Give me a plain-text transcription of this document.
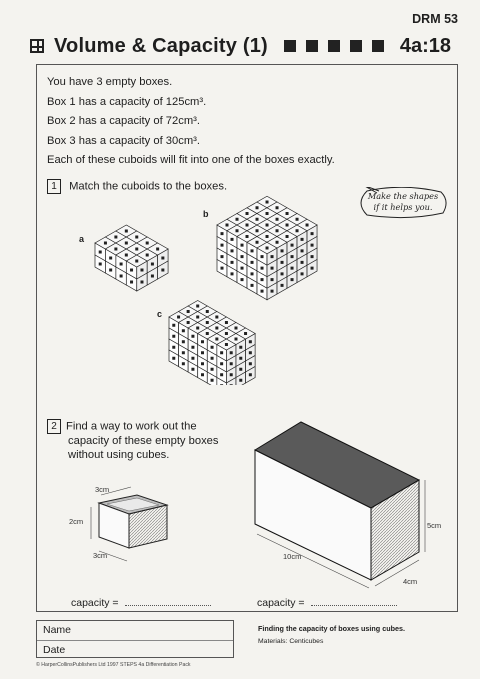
DRM 53
Volume & Capacity (1)	4a:18

You have 3 empty boxes.

Box 1 has a capacity of 125cm³.

Box 2 has a capacity of 72cm³.

Box 3 has a capacity of 30cm³.

Each of these cuboids will fit into one of the boxes exactly.

1 Match the cuboids to the boxes.
Make the shapes
if it helps you.
a
b
c
2 Find a way to work out the
capacity of these empty boxes
without using cubes.
3cm
2cm
3cm
5cm
10cm
4cm
capacity =	capacity =
Name
Date
Finding the capacity of boxes using cubes.
Materials: Centicubes
© HarperCollinsPublishers Ltd 1997 STEPS 4a Differentiation Pack
